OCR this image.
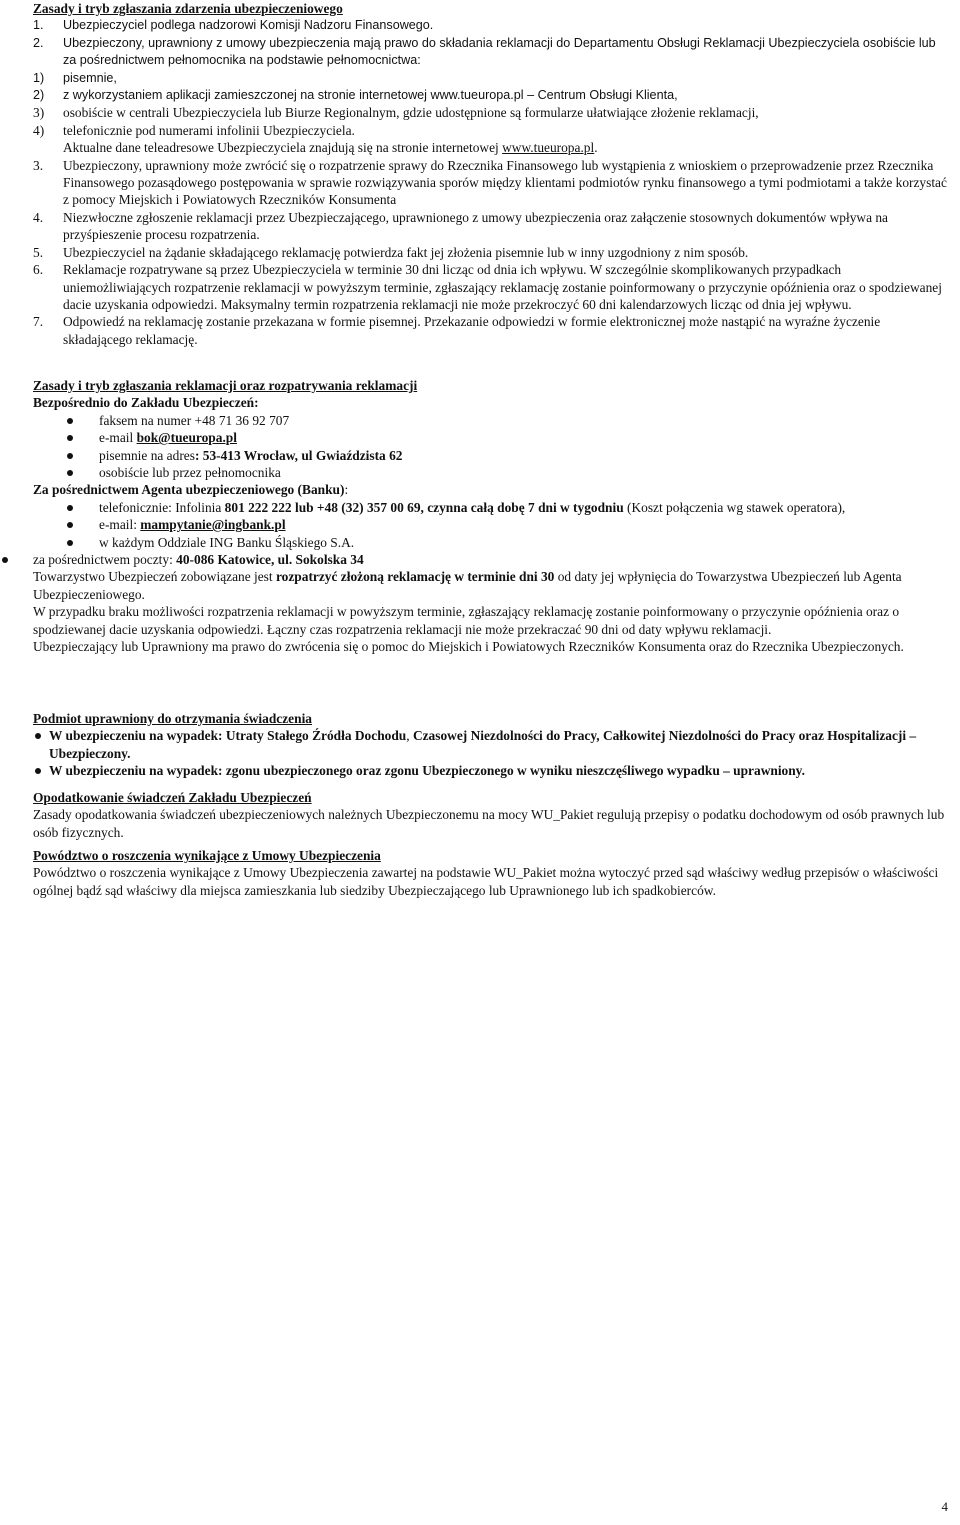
Zasady i tryb zgłaszania zdarzenia ubezpieczeniowego
1.	Ubezpieczyciel podlega nadzorowi Komisji Nadzoru Finansowego.
2.	Ubezpieczony, uprawniony z umowy ubezpieczenia mają prawo do składania reklamacji do Departamentu Obsługi Reklamacji Ubezpieczyciela osobiście lub za pośrednictwem pełnomocnika na podstawie pełnomocnictwa:
1)	pisemnie,
2)	z wykorzystaniem aplikacji zamieszczonej na stronie internetowej www.tueuropa.pl – Centrum Obsługi Klienta,
3)	osobiście w centrali Ubezpieczyciela lub Biurze Regionalnym, gdzie udostępnione są formularze ułatwiające złożenie reklamacji,
4)	telefonicznie pod numerami infolinii Ubezpieczyciela.
Aktualne dane teleadresowe Ubezpieczyciela znajdują się na stronie internetowej www.tueuropa.pl.
3.	Ubezpieczony, uprawniony może zwrócić się o rozpatrzenie sprawy do Rzecznika Finansowego lub wystąpienia z wnioskiem o przeprowadzenie przez Rzecznika Finansowego pozasądowego postępowania w sprawie rozwiązywania sporów między klientami podmiotów rynku finansowego a tymi podmiotami a także korzystać z pomocy Miejskich i Powiatowych Rzeczników Konsumenta
4.	Niezwłoczne zgłoszenie reklamacji przez Ubezpieczającego, uprawnionego z umowy ubezpieczenia oraz załączenie stosownych dokumentów wpływa na przyśpieszenie procesu rozpatrzenia.
5.	Ubezpieczyciel na żądanie składającego reklamację potwierdza fakt jej złożenia pisemnie lub w inny uzgodniony z nim sposób.
6.	Reklamacje rozpatrywane są przez Ubezpieczyciela w terminie 30 dni licząc od dnia ich wpływu. W szczególnie skomplikowanych przypadkach uniemożliwiających rozpatrzenie reklamacji w powyższym terminie, zgłaszający reklamację zostanie poinformowany o przyczynie opóźnienia oraz o spodziewanej dacie uzyskania odpowiedzi. Maksymalny termin rozpatrzenia reklamacji nie może przekroczyć 60 dni kalendarzowych licząc od dnia jej wpływu.
7.	Odpowiedź na reklamację zostanie przekazana w formie pisemnej. Przekazanie odpowiedzi w formie elektronicznej może nastąpić na wyraźne życzenie składającego reklamację.
Zasady i tryb zgłaszania reklamacji oraz rozpatrywania reklamacji
Bezpośrednio do Zakładu Ubezpieczeń:
faksem na numer +48 71 36 92 707
e-mail bok@tueuropa.pl
pisemnie na adres: 53-413 Wrocław, ul Gwiaździsta 62
osobiście lub przez pełnomocnika
Za pośrednictwem Agenta ubezpieczeniowego (Banku):
telefonicznie: Infolinia 801 222 222 lub +48 (32) 357 00 69, czynna całą dobę 7 dni w tygodniu (Koszt połączenia wg stawek operatora),
e-mail: mampytanie@ingbank.pl
w każdym Oddziale ING Banku Śląskiego S.A.
za pośrednictwem poczty: 40-086 Katowice, ul. Sokolska 34
Towarzystwo Ubezpieczeń zobowiązane jest rozpatrzyć złożoną reklamację w terminie dni 30 od daty jej wpłynięcia do Towarzystwa Ubezpieczeń lub Agenta Ubezpieczeniowego.
W przypadku braku możliwości rozpatrzenia reklamacji w powyższym terminie, zgłaszający reklamację zostanie poinformowany o przyczynie opóźnienia oraz o spodziewanej dacie uzyskania odpowiedzi. Łączny czas rozpatrzenia reklamacji nie może przekraczać 90 dni od daty wpływu reklamacji.
Ubezpieczający lub Uprawniony ma prawo do zwrócenia się o pomoc do Miejskich i Powiatowych Rzeczników Konsumenta oraz do Rzecznika Ubezpieczonych.
Podmiot uprawniony do otrzymania świadczenia
W ubezpieczeniu na wypadek: Utraty Stałego Źródła Dochodu, Czasowej Niezdolności do Pracy, Całkowitej Niezdolności do Pracy oraz Hospitalizacji – Ubezpieczony.
W ubezpieczeniu na wypadek: zgonu ubezpieczonego oraz zgonu Ubezpieczonego w wyniku nieszczęśliwego wypadku – uprawniony.
Opodatkowanie świadczeń Zakładu Ubezpieczeń
Zasady opodatkowania świadczeń ubezpieczeniowych należnych Ubezpieczonemu na mocy WU_Pakiet regulują przepisy o podatku dochodowym od osób prawnych lub osób fizycznych.
Powództwo o roszczenia wynikające z Umowy Ubezpieczenia
Powództwo o roszczenia wynikające z Umowy Ubezpieczenia zawartej na podstawie WU_Pakiet można wytoczyć przed sąd właściwy według przepisów o właściwości ogólnej bądź sąd właściwy dla miejsca zamieszkania lub siedziby Ubezpieczającego lub Uprawnionego lub ich spadkobierców.
4
